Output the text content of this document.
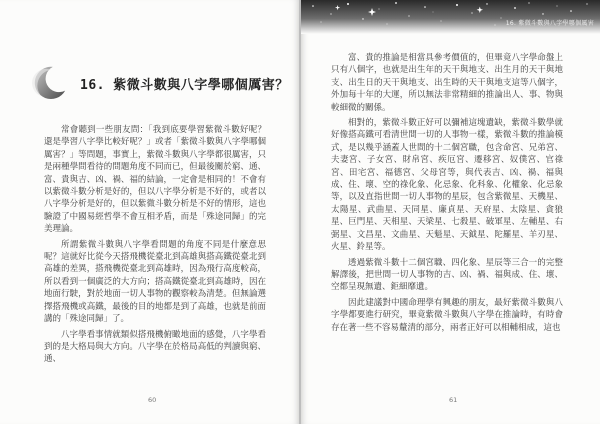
16. 紫微斗數與八字學哪個厲害？

常會聽到一些朋友問：「我到底要學習紫微斗數好呢？還是學習八字學比較好呢？」或者「紫微斗數與八字學哪個厲害？」等問題，事實上，紫微斗數與八字學都很厲害，只是兩種學問看待的問題角度不同而已，但最後關於窮、通、富、貴與吉、凶、禍、福的結論，一定會是相同的！不會有以紫微斗數分析是好的，但以八字學分析是不好的，或者以八字學分析是好的，但以紫微斗數分析是不好的情形，這也驗證了中國易經哲學不會互相矛盾，而是「殊途同歸」的完美理論。

所謂紫微斗數與八字學看問題的角度不同是什麼意思呢？這就好比從今天搭飛機從臺北到高雄與搭高鐵從臺北到高雄的差異，搭飛機從臺北到高雄時，因為飛行高度較高，所以看到一個廣泛的大方向；搭高鐵從臺北到高雄時，因在地面行駛，對於地面一切人事物的觀察較為清楚。但無論選擇搭飛機或高鐵，最後的目的地都是到了高雄，也就是前面講的「殊途同歸」了。

八字學看事情就類似搭飛機俯瞰地面的感覺，八字學看到的是大格局與大方向。八字學在於格局高低的判讀與窮、通、

60
16. 紫微斗數與八字學哪個厲害

富、貴的推論是相當具參考價值的，但畢竟八字學命盤上只有八個字，也就是出生年的天干與地支、出生月的天干與地支、出生日的天干與地支、出生時的天干與地支這等八個字，外加每十年的大運，所以無法非常精細的推論出人、事、物與較細微的關係。

相對的，紫微斗數正好可以彌補這塊遺缺，紫微斗數學就好像搭高鐵可看清世間一切的人事物一樣，紫微斗數的推論模式，是以幾乎涵蓋人世間的十二個宮職，包含命宮、兄弟宮、夫妻宮、子女宮、財帛宮、疾厄宮、遷移宮、奴僕宮、官祿宮、田宅宮、福德宮、父母宮等，與代表吉、凶、禍、福與成、住、壞、空的祿化象、化忌象、化科象、化權象、化忌象等，以及直指世間一切人事物的星辰，包含紫微星、天機星、太陽星、武曲星、天同星、廉貞星、天府星、太陰星、貪狼星、巨門星、天相星、天梁星、七殺星、破軍星、左輔星、右弼星、文昌星、文曲星、天魁星、天鉞星、陀羅星、羊刃星、火星、鈴星等。

透過紫微斗數十二個宮職、四化象、星辰等三合一的完整解譯後，把世間一切人事物的吉、凶、禍、福與成、住、壞、空都呈現無遺、鉅細靡遺。

因此建議對中國命理學有興趣的朋友，最好紫微斗數與八字學都要進行研究，畢竟紫微斗數與八字學在推論時，有時會存在著一些不容易釐清的部分，兩者正好可以相輔相成，這也

61
